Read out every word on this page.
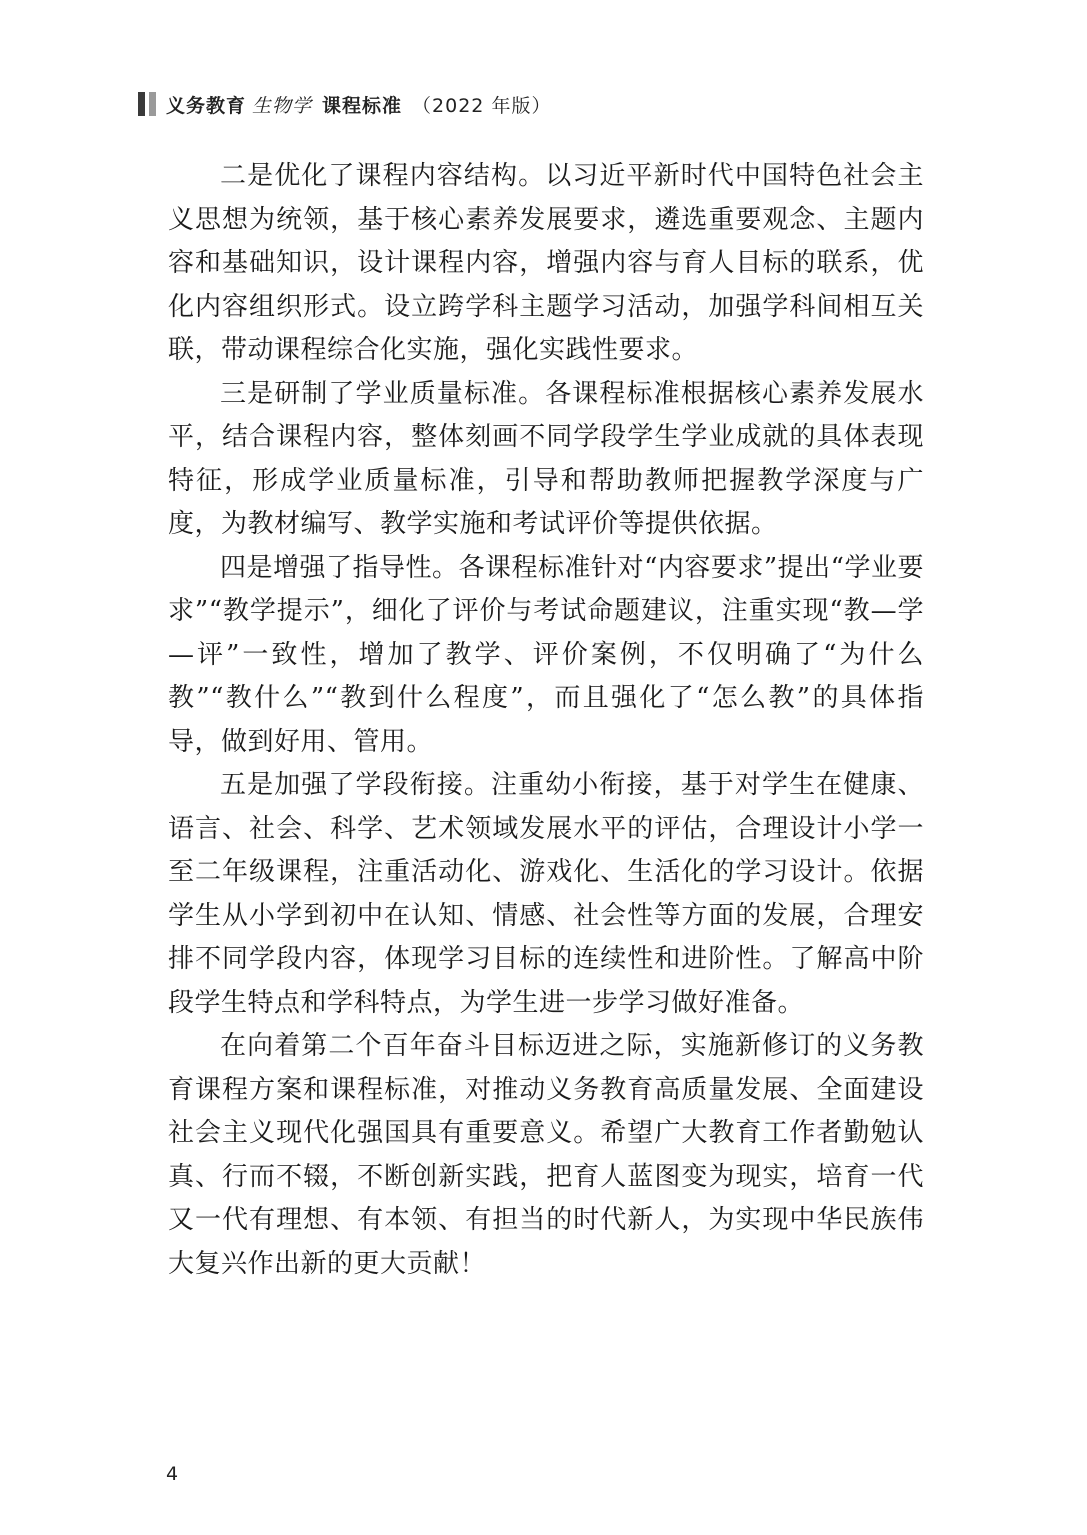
义务教育 生物学 课程标准 （2022 年版）

二是优化了课程内容结构。以习近平新时代中国特色社会主义思想为统领，基于核心素养发展要求，遴选重要观念、主题内容和基础知识，设计课程内容，增强内容与育人目标的联系，优化内容组织形式。设立跨学科主题学习活动，加强学科间相互关联，带动课程综合化实施，强化实践性要求。

三是研制了学业质量标准。各课程标准根据核心素养发展水平，结合课程内容，整体刻画不同学段学生学业成就的具体表现特征，形成学业质量标准，引导和帮助教师把握教学深度与广度，为教材编写、教学实施和考试评价等提供依据。

四是增强了指导性。各课程标准针对“内容要求”提出“学业要求”“教学提示”，细化了评价与考试命题建议，注重实现“教—学—评”一致性，增加了教学、评价案例，不仅明确了“为什么教”“教什么”“教到什么程度”，而且强化了“怎么教”的具体指导，做到好用、管用。

五是加强了学段衔接。注重幼小衔接，基于对学生在健康、语言、社会、科学、艺术领域发展水平的评估，合理设计小学一至二年级课程，注重活动化、游戏化、生活化的学习设计。依据学生从小学到初中在认知、情感、社会性等方面的发展，合理安排不同学段内容，体现学习目标的连续性和进阶性。了解高中阶段学生特点和学科特点，为学生进一步学习做好准备。

在向着第二个百年奋斗目标迈进之际，实施新修订的义务教育课程方案和课程标准，对推动义务教育高质量发展、全面建设社会主义现代化强国具有重要意义。希望广大教育工作者勤勉认真、行而不辍，不断创新实践，把育人蓝图变为现实，培育一代又一代有理想、有本领、有担当的时代新人，为实现中华民族伟大复兴作出新的更大贡献！

4
